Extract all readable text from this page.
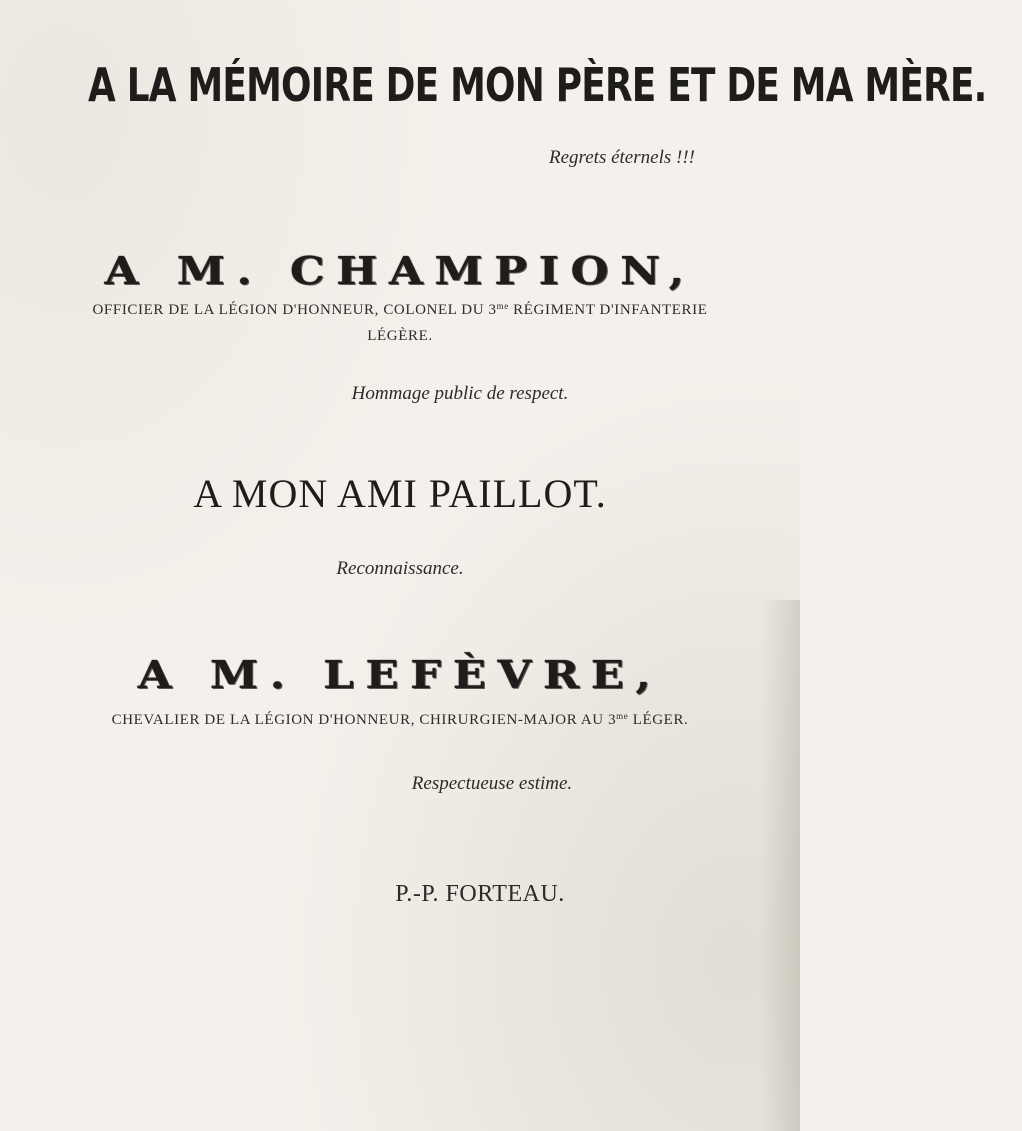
A LA MÉMOIRE DE MON PÈRE ET DE MA MÈRE.
Regrets éternels !!!
A M. CHAMPION,
OFFICIER DE LA LÉGION D'HONNEUR, COLONEL DU $3^{me}$ RÉGIMENT D'INFANTERIE
LÉGÈRE.
Hommage public de respect.
A MON AMI PAILLOT.
Reconnaissance.
A M. LEFÈVRE,
CHEVALIER DE LA LÉGION D'HONNEUR, CHIRURGIEN-MAJOR AU $3^{me}$ LÉGER.
Respectueuse estime.
P.-P. FORTEAU.
